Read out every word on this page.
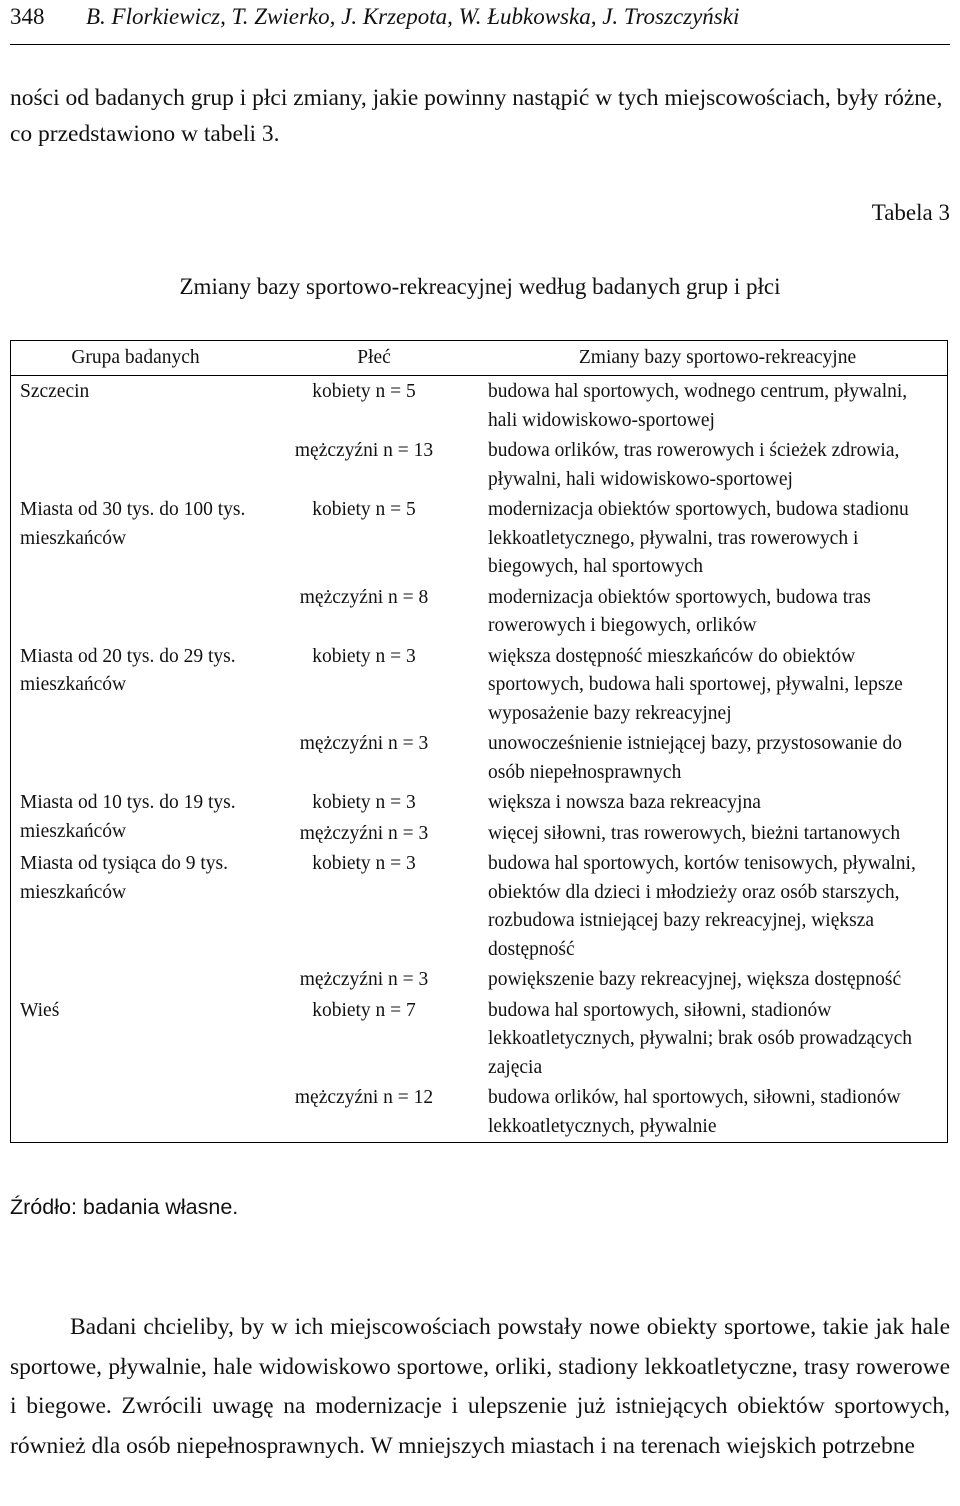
348 B. Florkiewicz, T. Zwierko, J. Krzepota, W. Łubkowska, J. Troszczyński
ności od badanych grup i płci zmiany, jakie powinny nastąpić w tych miejscowościach, były różne, co przedstawiono w tabeli 3.
Tabela 3
Zmiany bazy sportowo-rekreacyjnej według badanych grup i płci
Grupa badanych	Płeć	Zmiany bazy sportowo-rekreacyjne
Szczecin	kobiety n = 5	budowa hal sportowych, wodnego centrum, pływalni, hali widowiskowo-sportowej
	mężczyźni n = 13	budowa orlików, tras rowerowych i ścieżek zdrowia, pływalni, hali widowiskowo-sportowej
Miasta od 30 tys. do 100 tys. mieszkańców	kobiety n = 5	modernizacja obiektów sportowych, budowa stadionu lekkoatletycznego, pływalni, tras rowerowych i biegowych, hal sportowych
	mężczyźni n = 8	modernizacja obiektów sportowych, budowa tras rowerowych i biegowych, orlików
Miasta od 20 tys. do 29 tys. mieszkańców	kobiety n = 3	większa dostępność mieszkańców do obiektów sportowych, budowa hali sportowej, pływalni, lepsze wyposażenie bazy rekreacyjnej
	mężczyźni n = 3	unowocześnienie istniejącej bazy, przystosowanie do osób niepełnosprawnych
Miasta od 10 tys. do 19 tys. mieszkańców	kobiety n = 3	większa i nowsza baza rekreacyjna
	mężczyźni n = 3	więcej siłowni, tras rowerowych, bieżni tartanowych
Miasta od tysiąca do 9 tys. mieszkańców	kobiety n = 3	budowa hal sportowych, kortów tenisowych, pływalni, obiektów dla dzieci i młodzieży oraz osób starszych, rozbudowa istniejącej bazy rekreacyjnej, większa dostępność
	mężczyźni n = 3	powiększenie bazy rekreacyjnej, większa dostępność
Wieś	kobiety n = 7	budowa hal sportowych, siłowni, stadionów lekkoatletycznych, pływalni; brak osób prowadzących zajęcia
	mężczyźni n = 12	budowa orlików, hal sportowych, siłowni, stadionów lekkoatletycznych, pływalnie
Źródło: badania własne.
Badani chcieliby, by w ich miejscowościach powstały nowe obiekty sportowe, takie jak hale sportowe, pływalnie, hale widowiskowo sportowe, orliki, stadiony lekkoatletyczne, trasy rowerowe i biegowe. Zwrócili uwagę na modernizacje i ulepszenie już istniejących obiektów sportowych, również dla osób niepełnosprawnych. W mniejszych miastach i na terenach wiejskich potrzebne
